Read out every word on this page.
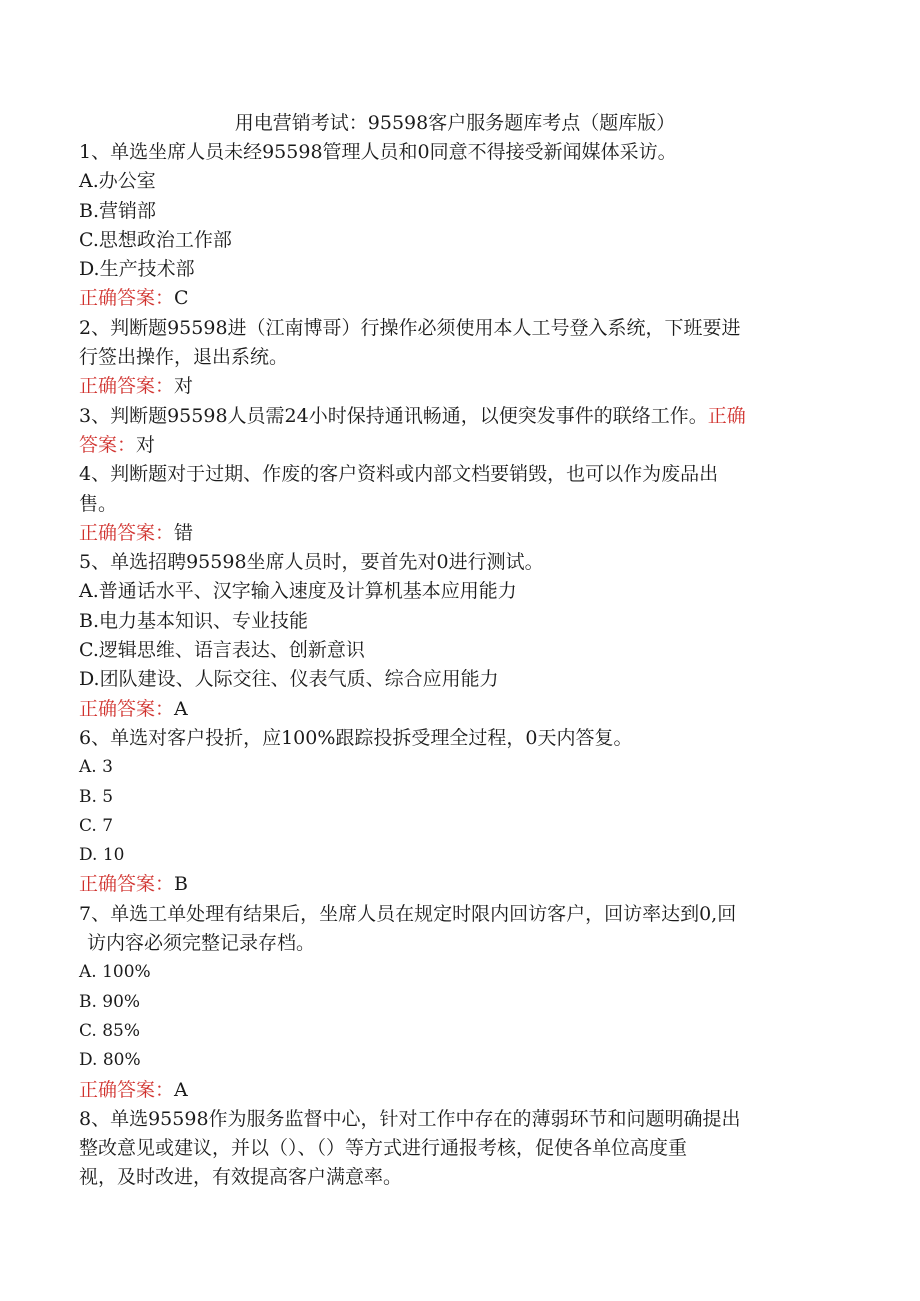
用电营销考试：95598客户服务题库考点（题库版）
1、单选坐席人员未经95598管理人员和0同意不得接受新闻媒体采访。
A.办公室
B.营销部
C.思想政治工作部
D.生产技术部
正确答案：C
2、判断题95598进（江南博哥）行操作必须使用本人工号登入系统，下班要进
行签出操作，退出系统。
正确答案：对
3、判断题95598人员需24小时保持通讯畅通，以便突发事件的联络工作。正确
答案：对
4、判断题对于过期、作废的客户资料或内部文档要销毁，也可以作为废品出
售。
正确答案：错
5、单选招聘95598坐席人员时，要首先对0进行测试。
A.普通话水平、汉字输入速度及计算机基本应用能力
B.电力基本知识、专业技能
C.逻辑思维、语言表达、创新意识
D.团队建设、人际交往、仪表气质、综合应用能力
正确答案：A
6、单选对客户投折，应100%跟踪投拆受理全过程，0天内答复。
A. 3
B. 5
C. 7
D. 10
正确答案：B
7、单选工单处理有结果后，坐席人员在规定时限内回访客户，回访率达到0,回
访内容必须完整记录存档。
A. 100%
B. 90%
C. 85%
D. 80%
正确答案：A
8、单选95598作为服务监督中心，针对工作中存在的薄弱环节和问题明确提出
整改意见或建议，并以（）、（）等方式进行通报考核，促使各单位高度重
视，及时改进，有效提高客户满意率。
